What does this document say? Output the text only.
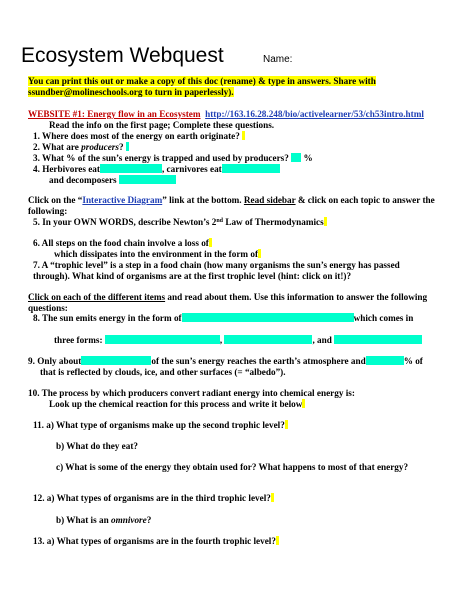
Ecosystem Webquest	Name:
You can print this out or make a copy of this doc (rename) & type in answers. Share with
ssundber@molineschools.org to turn in paperlessly).
WEBSITE #1: Energy flow in an Ecosystem http://163.16.28.248/bio/activelearner/53/ch53intro.html
Read the info on the first page; Complete these questions.
1. Where does most of the energy on earth originate?
2. What are producers?
3. What % of the sun’s energy is trapped and used by producers? %
4. Herbivores eat	, carnivores eat
and decomposers
Click on the “Interactive Diagram” link at the bottom. Read sidebar & click on each topic to answer the
following:
5. In your OWN WORDS, describe Newton’s 2nd Law of Thermodynamics
6. All steps on the food chain involve a loss of
which dissipates into the environment in the form of
7. A “trophic level” is a step in a food chain (how many organisms the sun’s energy has passed
through). What kind of organisms are at the first trophic level (hint: click on it!)?
Click on each of the different items and read about them. Use this information to answer the following
questions:
8. The sun emits energy in the form of	which comes in
three forms:	,	, and
9. Only about	of the sun’s energy reaches the earth’s atmosphere and	% of
that is reflected by clouds, ice, and other surfaces (= “albedo”).
10. The process by which producers convert radiant energy into chemical energy is:
Look up the chemical reaction for this process and write it below
11. a) What type of organisms make up the second trophic level?
b) What do they eat?
c) What is some of the energy they obtain used for? What happens to most of that energy?
12. a) What types of organisms are in the third trophic level?
b) What is an omnivore?
13. a) What types of organisms are in the fourth trophic level?
